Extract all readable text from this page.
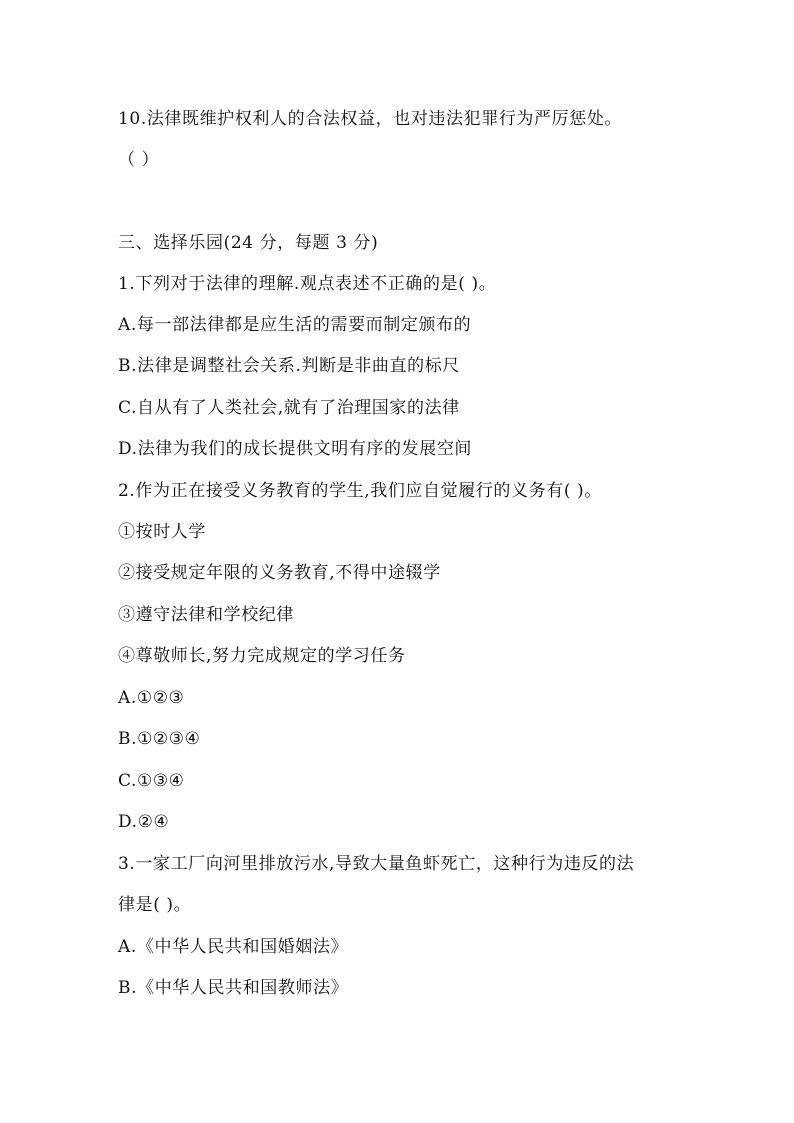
10.法律既维护权利人的合法权益，也对违法犯罪行为严厉惩处。
（ ）
三、选择乐园(24 分，每题 3 分)
1.下列对于法律的理解.观点表述不正确的是( )。
A.每一部法律都是应生活的需要而制定颁布的
B.法律是调整社会关系.判断是非曲直的标尺
C.自从有了人类社会,就有了治理国家的法律
D.法律为我们的成长提供文明有序的发展空间
2.作为正在接受义务教育的学生,我们应自觉履行的义务有( )。
①按时人学
②接受规定年限的义务教育,不得中途辍学
③遵守法律和学校纪律
④尊敬师长,努力完成规定的学习任务
A.①②③
B.①②③④
C.①③④
D.②④
3.一家工厂向河里排放污水,导致大量鱼虾死亡，这种行为违反的法
律是( )。
A.《中华人民共和国婚姻法》
B.《中华人民共和国教师法》
